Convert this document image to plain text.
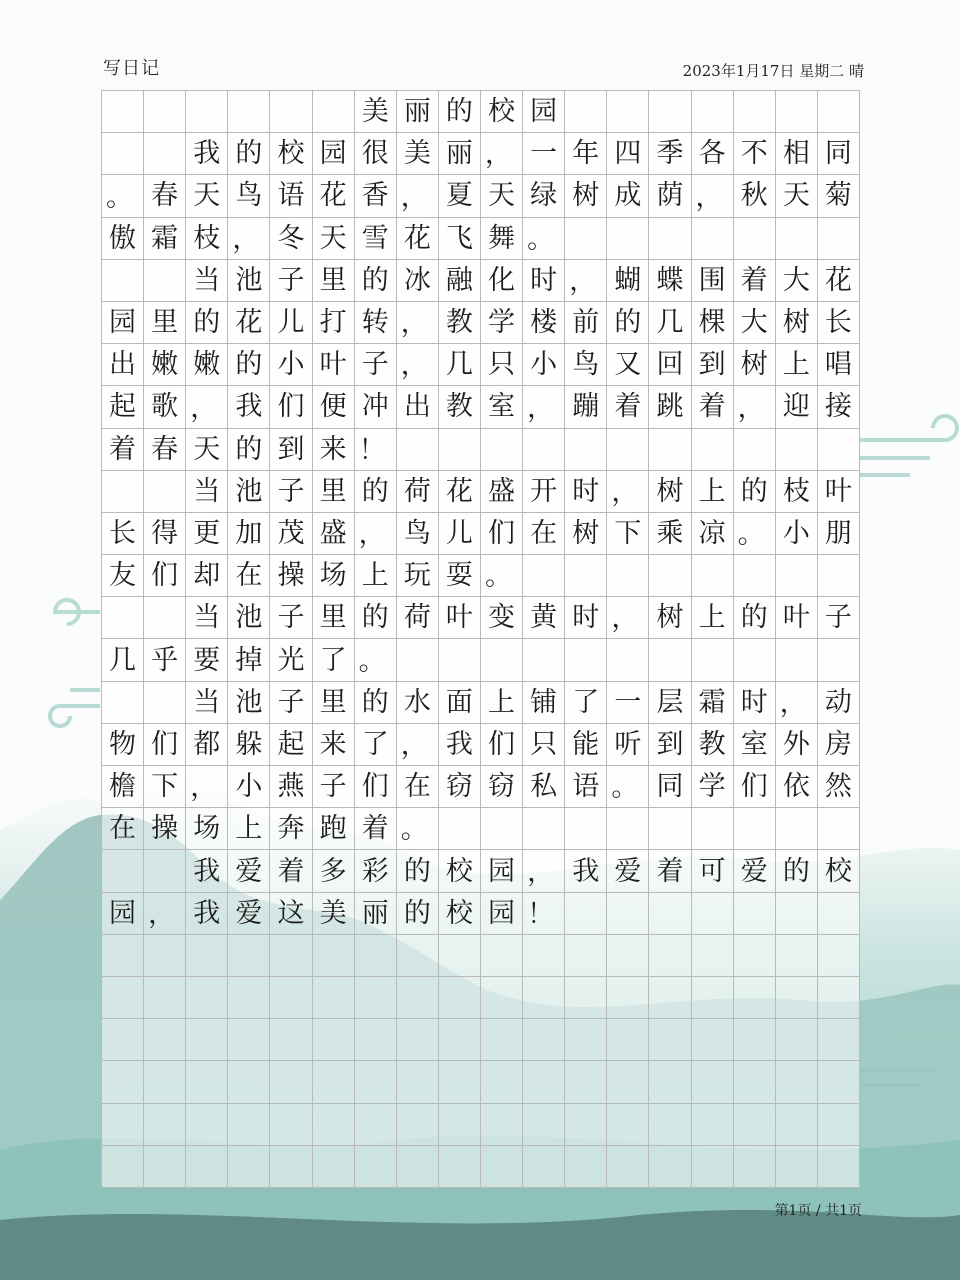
写日记	2023年1月17日 星期二 晴
美 丽 的 校 园
我 的 校 园 很 美 丽 ， 一 年 四 季 各 不 相 同
。 春 天 鸟 语 花 香 ， 夏 天 绿 树 成 荫 ， 秋 天 菊
傲 霜 枝 ， 冬 天 雪 花 飞 舞 。
当 池 子 里 的 冰 融 化 时 ， 蝴 蝶 围 着 大 花
园 里 的 花 儿 打 转 ， 教 学 楼 前 的 几 棵 大 树 长
出 嫩 嫩 的 小 叶 子 ， 几 只 小 鸟 又 回 到 树 上 唱
起 歌 ， 我 们 便 冲 出 教 室 ， 蹦 着 跳 着 ， 迎 接
着 春 天 的 到 来 ！
当 池 子 里 的 荷 花 盛 开 时 ， 树 上 的 枝 叶
长 得 更 加 茂 盛 ， 鸟 儿 们 在 树 下 乘 凉 。 小 朋
友 们 却 在 操 场 上 玩 耍 。
当 池 子 里 的 荷 叶 变 黄 时 ， 树 上 的 叶 子
几 乎 要 掉 光 了 。
当 池 子 里 的 水 面 上 铺 了 一 层 霜 时 ， 动
物 们 都 躲 起 来 了 ， 我 们 只 能 听 到 教 室 外 房
檐 下 ， 小 燕 子 们 在 窃 窃 私 语 。 同 学 们 依 然
在 操 场 上 奔 跑 着 。
我 爱 着 多 彩 的 校 园 ， 我 爱 着 可 爱 的 校
园 ， 我 爱 这 美 丽 的 校 园 ！
第1页 / 共1页
